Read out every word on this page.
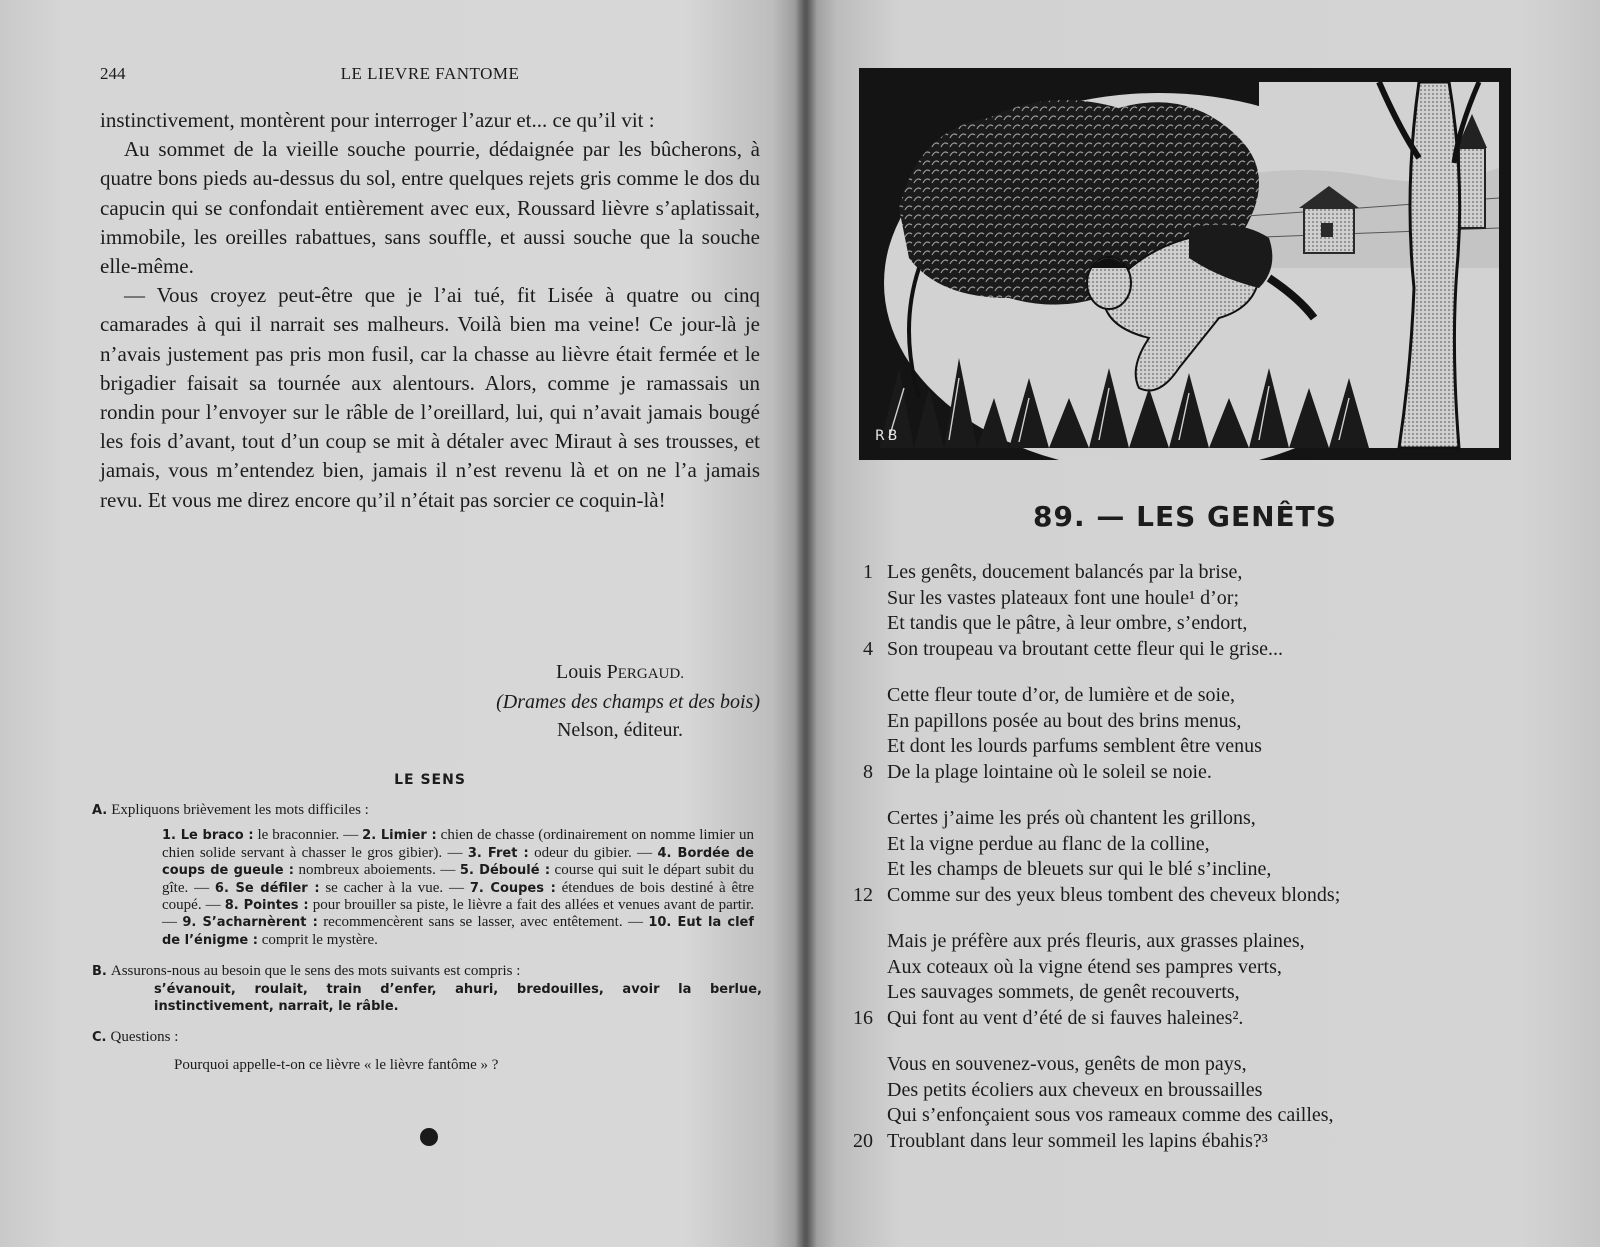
244	LE LIEVRE FANTOME

instinctivement, montèrent pour interroger l’azur et... ce qu’il vit :

Au sommet de la vieille souche pourrie, dédaignée par les bûcherons, à quatre bons pieds au-dessus du sol, entre quelques rejets gris comme le dos du capucin qui se confondait entièrement avec eux, Roussard lièvre s’aplatissait, immobile, les oreilles rabattues, sans souffle, et aussi souche que la souche elle-même.

— Vous croyez peut-être que je l’ai tué, fit Lisée à quatre ou cinq camarades à qui il narrait ses malheurs. Voilà bien ma veine! Ce jour-là je n’avais justement pas pris mon fusil, car la chasse au lièvre était fermée et le brigadier faisait sa tournée aux alentours. Alors, comme je ramassais un rondin pour l’envoyer sur le râble de l’oreillard, lui, qui n’avait jamais bougé les fois d’avant, tout d’un coup se mit à détaler avec Miraut à ses trousses, et jamais, vous m’entendez bien, jamais il n’est revenu là et on ne l’a jamais revu. Et vous me direz encore qu’il n’était pas sorcier ce coquin-là!

Louis PERGAUD.
(Drames des champs et des bois)
Nelson, éditeur.
LE SENS

A. Expliquons brièvement les mots difficiles :

1. Le braco : le braconnier. — 2. Limier : chien de chasse (ordinairement on nomme limier un chien solide servant à chasser le gros gibier). — 3. Fret : odeur du gibier. — 4. Bordée de coups de gueule : nombreux aboiements. — 5. Déboulé : course qui suit le départ subit du gîte. — 6. Se défiler : se cacher à la vue. — 7. Coupes : étendues de bois destiné à être coupé. — 8. Pointes : pour brouiller sa piste, le lièvre a fait des allées et venues avant de partir. — 9. S’acharnèrent : recommencèrent sans se lasser, avec entêtement. — 10. Eut la clef de l’énigme : comprit le mystère.

B. Assurons-nous au besoin que le sens des mots suivants est compris :

s’évanouit, roulait, train d’enfer, ahuri, bredouilles, avoir la berlue, instinctivement, narrait, le râble.

C. Questions :

Pourquoi appelle-t-on ce lièvre « le lièvre fantôme » ?

RB
89. — LES GENÊTS
1 Les genêts, doucement balancés par la brise,
Sur les vastes plateaux font une houle¹ d’or;
Et tandis que le pâtre, à leur ombre, s’endort,
4 Son troupeau va broutant cette fleur qui le grise...
Cette fleur toute d’or, de lumière et de soie,
En papillons posée au bout des brins menus,
Et dont les lourds parfums semblent être venus
8 De la plage lointaine où le soleil se noie.
Certes j’aime les prés où chantent les grillons,
Et la vigne perdue au flanc de la colline,
Et les champs de bleuets sur qui le blé s’incline,
12 Comme sur des yeux bleus tombent des cheveux blonds;
Mais je préfère aux prés fleuris, aux grasses plaines,
Aux coteaux où la vigne étend ses pampres verts,
Les sauvages sommets, de genêt recouverts,
16 Qui font au vent d’été de si fauves haleines².
Vous en souvenez-vous, genêts de mon pays,
Des petits écoliers aux cheveux en broussailles
Qui s’enfonçaient sous vos rameaux comme des cailles,
20 Troublant dans leur sommeil les lapins ébahis?³
